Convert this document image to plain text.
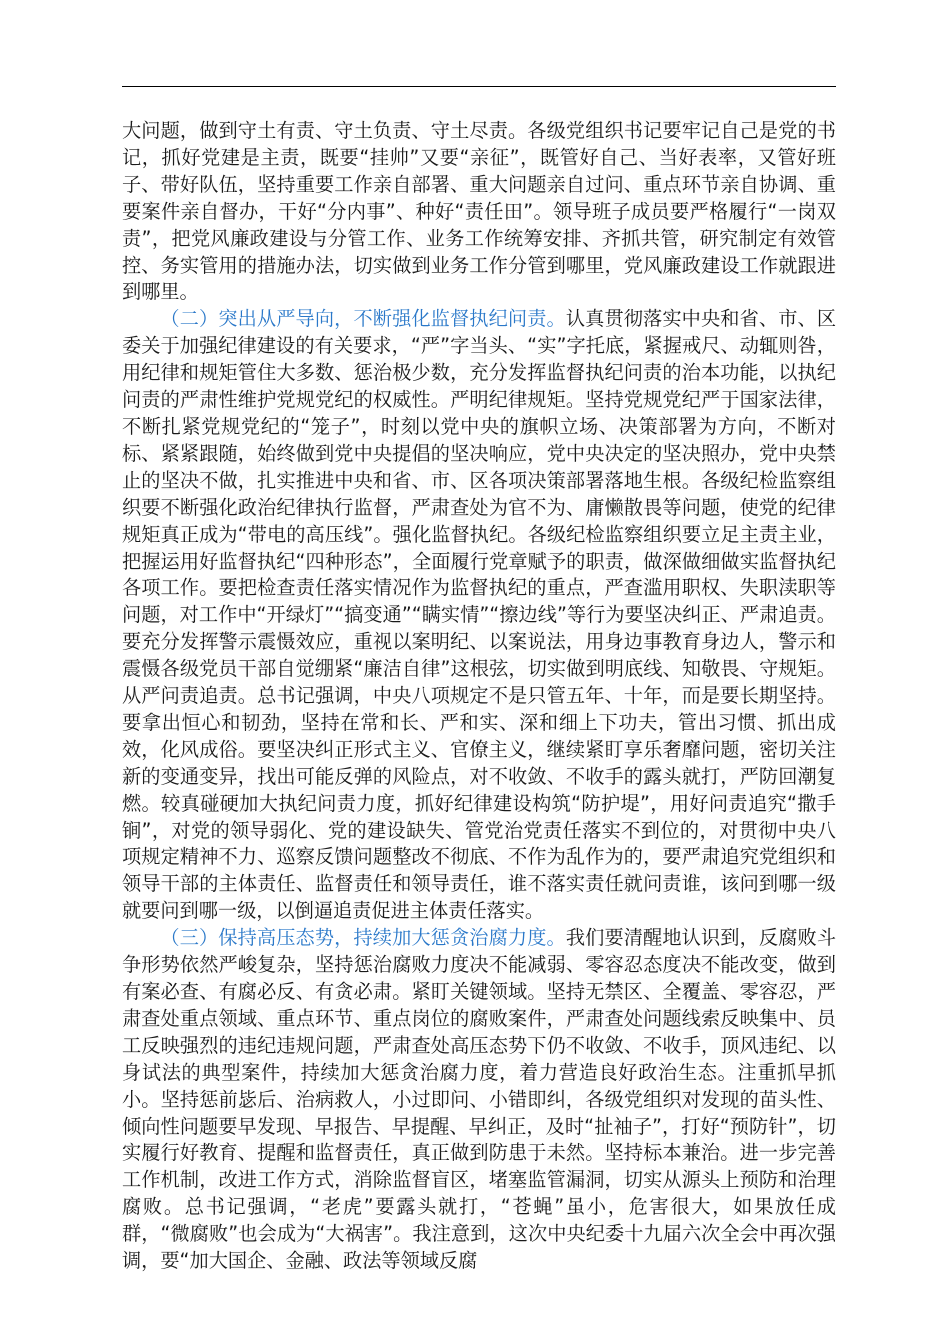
大问题，做到守土有责、守土负责、守土尽责。各级党组织书记要牢记自己是党的书记，抓好党建是主责，既要“挂帅”又要“亲征”，既管好自己、当好表率，又管好班子、带好队伍，坚持重要工作亲自部署、重大问题亲自过问、重点环节亲自协调、重要案件亲自督办，干好“分内事”、种好“责任田”。领导班子成员要严格履行“一岗双责”，把党风廉政建设与分管工作、业务工作统筹安排、齐抓共管，研究制定有效管控、务实管用的措施办法，切实做到业务工作分管到哪里，党风廉政建设工作就跟进到哪里。

（二）突出从严导向，不断强化监督执纪问责。认真贯彻落实中央和省、市、区委关于加强纪律建设的有关要求，“严”字当头、“实”字托底，紧握戒尺、动辄则咎，用纪律和规矩管住大多数、惩治极少数，充分发挥监督执纪问责的治本功能，以执纪问责的严肃性维护党规党纪的权威性。严明纪律规矩。坚持党规党纪严于国家法律，不断扎紧党规党纪的“笼子”，时刻以党中央的旗帜立场、决策部署为方向，不断对标、紧紧跟随，始终做到党中央提倡的坚决响应，党中央决定的坚决照办，党中央禁止的坚决不做，扎实推进中央和省、市、区各项决策部署落地生根。各级纪检监察组织要不断强化政治纪律执行监督，严肃查处为官不为、庸懒散畏等问题，使党的纪律规矩真正成为“带电的高压线”。强化监督执纪。各级纪检监察组织要立足主责主业，把握运用好监督执纪“四种形态”，全面履行党章赋予的职责，做深做细做实监督执纪各项工作。要把检查责任落实情况作为监督执纪的重点，严查滥用职权、失职渎职等问题，对工作中“开绿灯”“搞变通”“瞒实情”“擦边线”等行为要坚决纠正、严肃追责。要充分发挥警示震慑效应，重视以案明纪、以案说法，用身边事教育身边人，警示和震慑各级党员干部自觉绷紧“廉洁自律”这根弦，切实做到明底线、知敬畏、守规矩。从严问责追责。总书记强调，中央八项规定不是只管五年、十年，而是要长期坚持。要拿出恒心和韧劲，坚持在常和长、严和实、深和细上下功夫，管出习惯、抓出成效，化风成俗。要坚决纠正形式主义、官僚主义，继续紧盯享乐奢靡问题，密切关注新的变通变异，找出可能反弹的风险点，对不收敛、不收手的露头就打，严防回潮复燃。较真碰硬加大执纪问责力度，抓好纪律建设构筑“防护堤”，用好问责追究“撒手锏”，对党的领导弱化、党的建设缺失、管党治党责任落实不到位的，对贯彻中央八项规定精神不力、巡察反馈问题整改不彻底、不作为乱作为的，要严肃追究党组织和领导干部的主体责任、监督责任和领导责任，谁不落实责任就问责谁，该问到哪一级就要问到哪一级，以倒逼追责促进主体责任落实。

（三）保持高压态势，持续加大惩贪治腐力度。我们要清醒地认识到，反腐败斗争形势依然严峻复杂，坚持惩治腐败力度决不能减弱、零容忍态度决不能改变，做到有案必查、有腐必反、有贪必肃。紧盯关键领域。坚持无禁区、全覆盖、零容忍，严肃查处重点领域、重点环节、重点岗位的腐败案件，严肃查处问题线索反映集中、员工反映强烈的违纪违规问题，严肃查处高压态势下仍不收敛、不收手，顶风违纪、以身试法的典型案件，持续加大惩贪治腐力度，着力营造良好政治生态。注重抓早抓小。坚持惩前毖后、治病救人，小过即问、小错即纠，各级党组织对发现的苗头性、倾向性问题要早发现、早报告、早提醒、早纠正，及时“扯袖子”，打好“预防针”，切实履行好教育、提醒和监督责任，真正做到防患于未然。坚持标本兼治。进一步完善工作机制，改进工作方式，消除监督盲区，堵塞监管漏洞，切实从源头上预防和治理腐败。总书记强调，“老虎”要露头就打，“苍蝇”虽小，危害很大，如果放任成群，“微腐败”也会成为“大祸害”。我注意到，这次中央纪委十九届六次全会中再次强调，要“加大国企、金融、政法等领域反腐
